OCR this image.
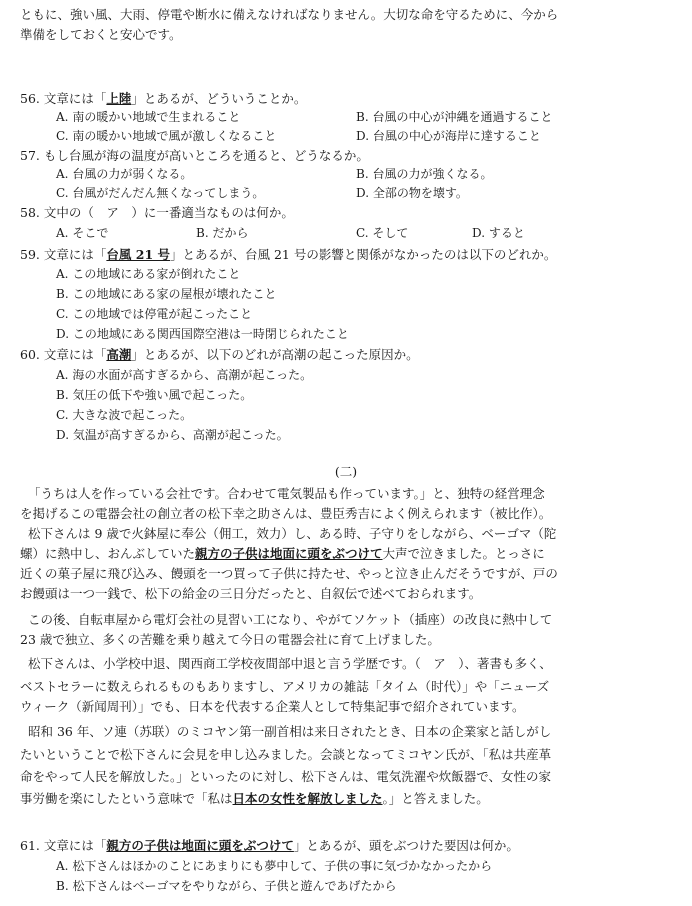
ともに、強い風、大雨、停電や断水に備えなければなりません。大切な命を守るために、今から
準備をしておくと安心です。
56. 文章には「上陸」とあるが、どういうことか。
A. 南の暖かい地域で生まれること	B. 台風の中心が沖縄を通過すること
C. 南の暖かい地域で風が激しくなること	D. 台風の中心が海岸に達すること
57. もし台風が海の温度が高いところを通ると、どうなるか。
A. 台風の力が弱くなる。	B. 台風の力が強くなる。
C. 台風がだんだん無くなってしまう。	D. 全部の物を壊す。
58. 文中の（　ア　）に一番適当なものは何か。
A. そこで	B. だから	C. そして	D. すると
59. 文章には「台風 21 号」とあるが、台風 21 号の影響と関係がなかったのは以下のどれか。
A. この地域にある家が倒れたこと
B. この地域にある家の屋根が壊れたこと
C. この地域では停電が起こったこと
D. この地域にある関西国際空港は一時閉じられたこと
60. 文章には「高潮」とあるが、以下のどれが高潮の起こった原因か。
A. 海の水面が高すぎるから、高潮が起こった。
B. 気圧の低下や強い風で起こった。
C. 大きな波で起こった。
D. 気温が高すぎるから、高潮が起こった。
(二)
「うちは人を作っている会社です。合わせて電気製品も作っています。」と、独特の経営理念
を掲げるこの電器会社の創立者の松下幸之助さんは、豊臣秀吉によく例えられます（被比作）。
松下さんは 9 歳で火鉢屋に奉公（佣工，效力）し、ある時、子守りをしながら、ベーゴマ（陀
螺）に熱中し、おんぶしていた親方の子供は地面に頭をぶつけて大声で泣きました。とっさに
近くの菓子屋に飛び込み、饅頭を一つ買って子供に持たせ、やっと泣き止んだそうですが、戸の
お饅頭は一つ一銭で、松下の給金の三日分だったと、自叙伝で述べておられます。
この後、自転車屋から電灯会社の見習い工になり、やがてソケット（插座）の改良に熱中して
23 歳で独立、多くの苦難を乗り越えて今日の電器会社に育て上げました。
松下さんは、小学校中退、関西商工学校夜間部中退と言う学歴です。（　ア　）、著書も多く、
ベストセラーに数えられるものもありますし、アメリカの雑誌「タイム（时代）」や「ニューズ
ウィーク（新闻周刊）」でも、日本を代表する企業人として特集記事で紹介されています。
昭和 36 年、ソ連（苏联）のミコヤン第一副首相は来日されたとき、日本の企業家と話しがし
たいということで松下さんに会見を申し込みました。会談となってミコヤン氏が、「私は共産革
命をやって人民を解放した。」といったのに対し、松下さんは、電気洗濯や炊飯器で、女性の家
事労働を楽にしたという意味で「私は日本の女性を解放しました。」と答えました。
61. 文章には「親方の子供は地面に頭をぶつけて」とあるが、頭をぶつけた要因は何か。
A. 松下さんはほかのことにあまりにも夢中して、子供の事に気づかなかったから
B. 松下さんはベーゴマをやりながら、子供と遊んであげたから
